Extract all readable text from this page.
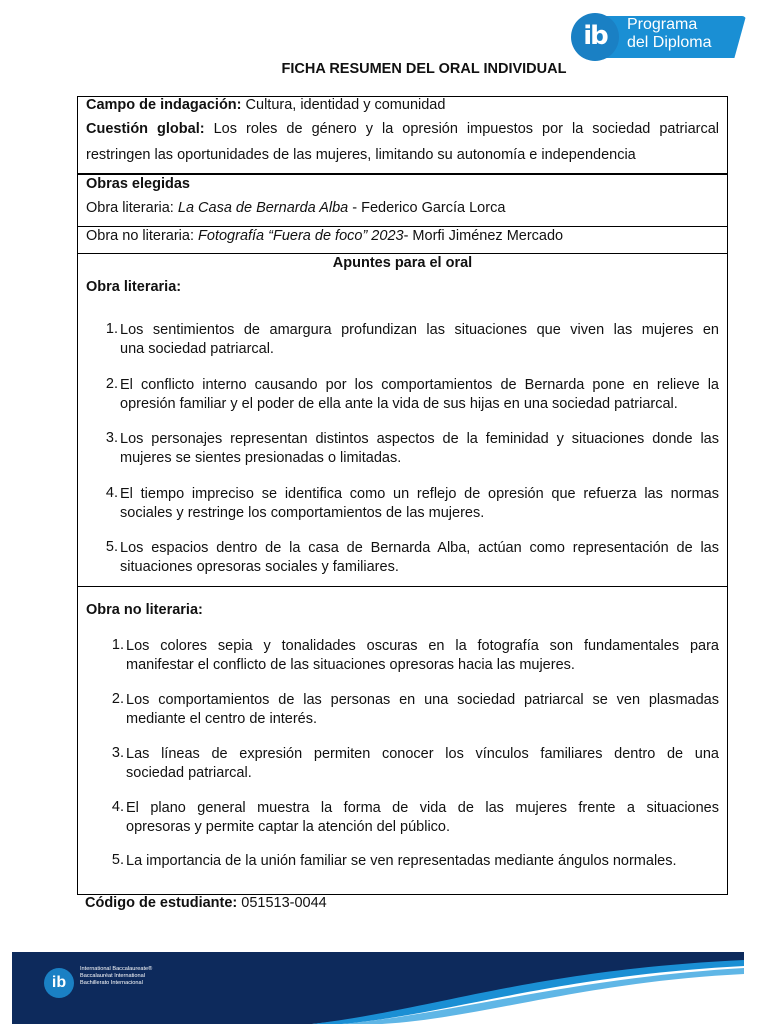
ib	Programa
del Diploma
FICHA RESUMEN DEL ORAL INDIVIDUAL
Campo de indagación: Cultura, identidad y comunidad
Cuestión global: Los roles de género y la opresión impuestos por la sociedad patriarcal
restringen las oportunidades de las mujeres, limitando su autonomía e independencia
Obras elegidas
Obra literaria: La Casa de Bernarda Alba - Federico García Lorca
Obra no literaria: Fotografía “Fuera de foco” 2023- Morfi Jiménez Mercado
Apuntes para el oral
Obra literaria:
1. Los sentimientos de amargura profundizan las situaciones que viven las mujeres en
una sociedad patriarcal.
2. El conflicto interno causando por los comportamientos de Bernarda pone en relieve la
opresión familiar y el poder de ella ante la vida de sus hijas en una sociedad patriarcal.
3. Los personajes representan distintos aspectos de la feminidad y situaciones donde las
mujeres se sientes presionadas o limitadas.
4. El tiempo impreciso se identifica como un reflejo de opresión que refuerza las normas
sociales y restringe los comportamientos de las mujeres.
5. Los espacios dentro de la casa de Bernarda Alba, actúan como representación de las
situaciones opresoras sociales y familiares.
Obra no literaria:
1. Los colores sepia y tonalidades oscuras en la fotografía son fundamentales para
manifestar el conflicto de las situaciones opresoras hacia las mujeres.
2. Los comportamientos de las personas en una sociedad patriarcal se ven plasmadas
mediante el centro de interés.
3. Las líneas de expresión permiten conocer los vínculos familiares dentro de una
sociedad patriarcal.
4. El plano general muestra la forma de vida de las mujeres frente a situaciones
opresoras y permite captar la atención del público.
5. La importancia de la unión familiar se ven representadas mediante ángulos normales.
Código de estudiante: 051513-0044
ib
International Baccalaureate®
Baccalauréat International
Bachillerato Internacional
